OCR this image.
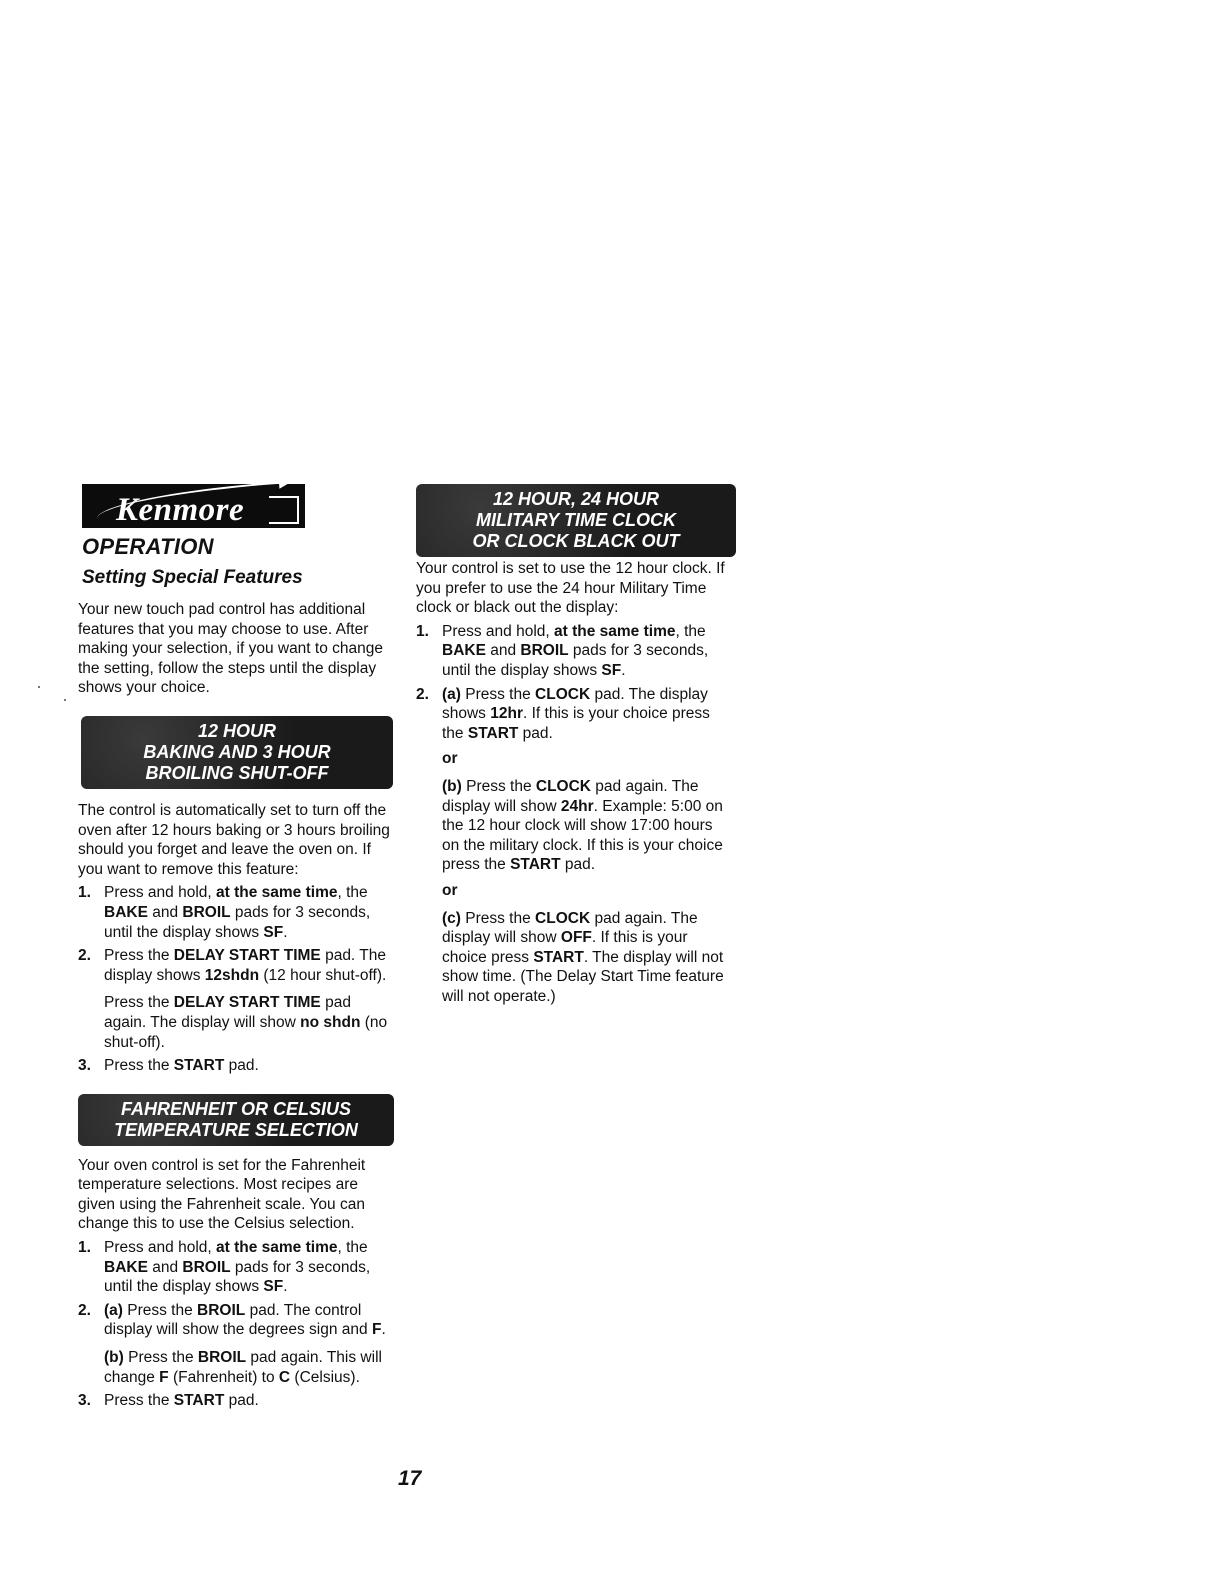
Kenmore
OPERATION
Setting Special Features

Your new touch pad control has additional features that you may choose to use. After making your selection, if you want to change the setting, follow the steps until the display shows your choice.

12 HOUR
BAKING AND 3 HOUR
BROILING SHUT-OFF

The control is automatically set to turn off the oven after 12 hours baking or 3 hours broiling should you forget and leave the oven on. If you want to remove this feature:

1. Press and hold, at the same time, the BAKE and BROIL pads for 3 seconds, until the display shows SF.
2. Press the DELAY START TIME pad. The display shows 12shdn (12 hour shut-off).
Press the DELAY START TIME pad again. The display will show no shdn (no shut-off).
3. Press the START pad.
FAHRENHEIT OR CELSIUS
TEMPERATURE SELECTION

Your oven control is set for the Fahrenheit temperature selections. Most recipes are given using the Fahrenheit scale. You can change this to use the Celsius selection.

1. Press and hold, at the same time, the BAKE and BROIL pads for 3 seconds, until the display shows SF.
2. (a) Press the BROIL pad. The control display will show the degrees sign and F.
(b) Press the BROIL pad again. This will change F (Fahrenheit) to C (Celsius).
3. Press the START pad.
12 HOUR, 24 HOUR
MILITARY TIME CLOCK
OR CLOCK BLACK OUT

Your control is set to use the 12 hour clock. If you prefer to use the 24 hour Military Time clock or black out the display:

1. Press and hold, at the same time, the BAKE and BROIL pads for 3 seconds, until the display shows SF.
2. (a) Press the CLOCK pad. The display shows 12hr. If this is your choice press the START pad.
or
(b) Press the CLOCK pad again. The display will show 24hr. Example: 5:00 on the 12 hour clock will show 17:00 hours on the military clock. If this is your choice press the START pad.
or
(c) Press the CLOCK pad again. The display will show OFF. If this is your choice press START. The display will not show time. (The Delay Start Time feature will not operate.)
17
